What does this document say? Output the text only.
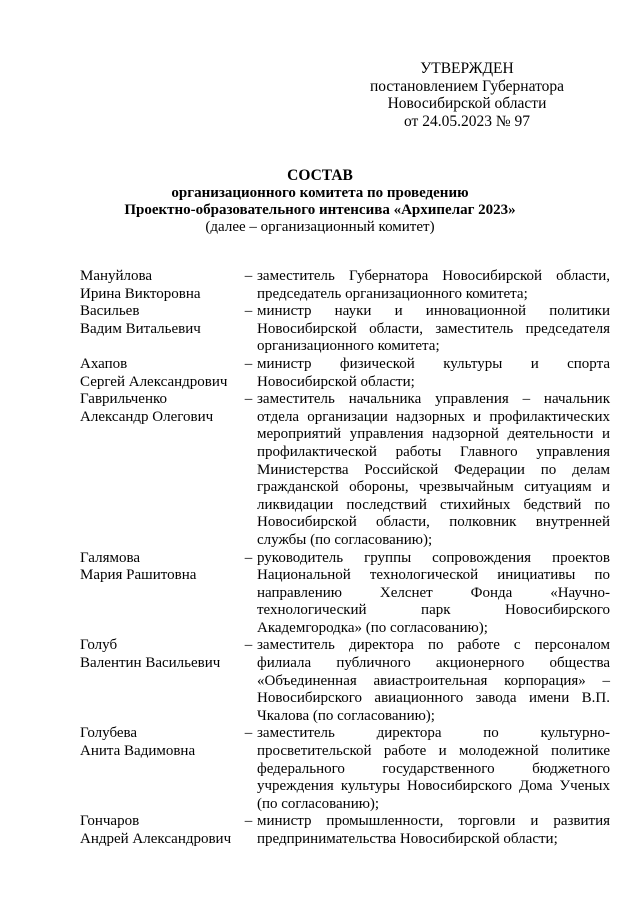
УТВЕРЖДЕН
постановлением Губернатора
Новосибирской области
от 24.05.2023 № 97
СОСТАВ
организационного комитета по проведению
Проектно-образовательного интенсива «Архипелаг 2023»
(далее – организационный комитет)
Мануйлова
Ирина Викторовна
– заместитель Губернатора Новосибирской области, председатель организационного комитета;
Васильев
Вадим Витальевич
– министр науки и инновационной политики Новосибирской области, заместитель председателя организационного комитета;
Ахапов
Сергей Александрович
– министр физической культуры и спорта Новосибирской области;
Гаврильченко
Александр Олегович
– заместитель начальника управления – начальник отдела организации надзорных и профилактических мероприятий управления надзорной деятельности и профилактической работы Главного управления Министерства Российской Федерации по делам гражданской обороны, чрезвычайным ситуациям и ликвидации последствий стихийных бедствий по Новосибирской области, полковник внутренней службы (по согласованию);
Галямова
Мария Рашитовна
– руководитель группы сопровождения проектов Национальной технологической инициативы по направлению Хелснет Фонда «Научно-технологический парк Новосибирского Академгородка» (по согласованию);
Голуб
Валентин Васильевич
– заместитель директора по работе с персоналом филиала публичного акционерного общества «Объединенная авиастроительная корпорация» – Новосибирского авиационного завода имени В.П. Чкалова (по согласованию);
Голубева
Анита Вадимовна
– заместитель директора по культурно-просветительской работе и молодежной политике федерального государственного бюджетного учреждения культуры Новосибирского Дома Ученых (по согласованию);
Гончаров
Андрей Александрович
– министр промышленности, торговли и развития предпринимательства Новосибирской области;
